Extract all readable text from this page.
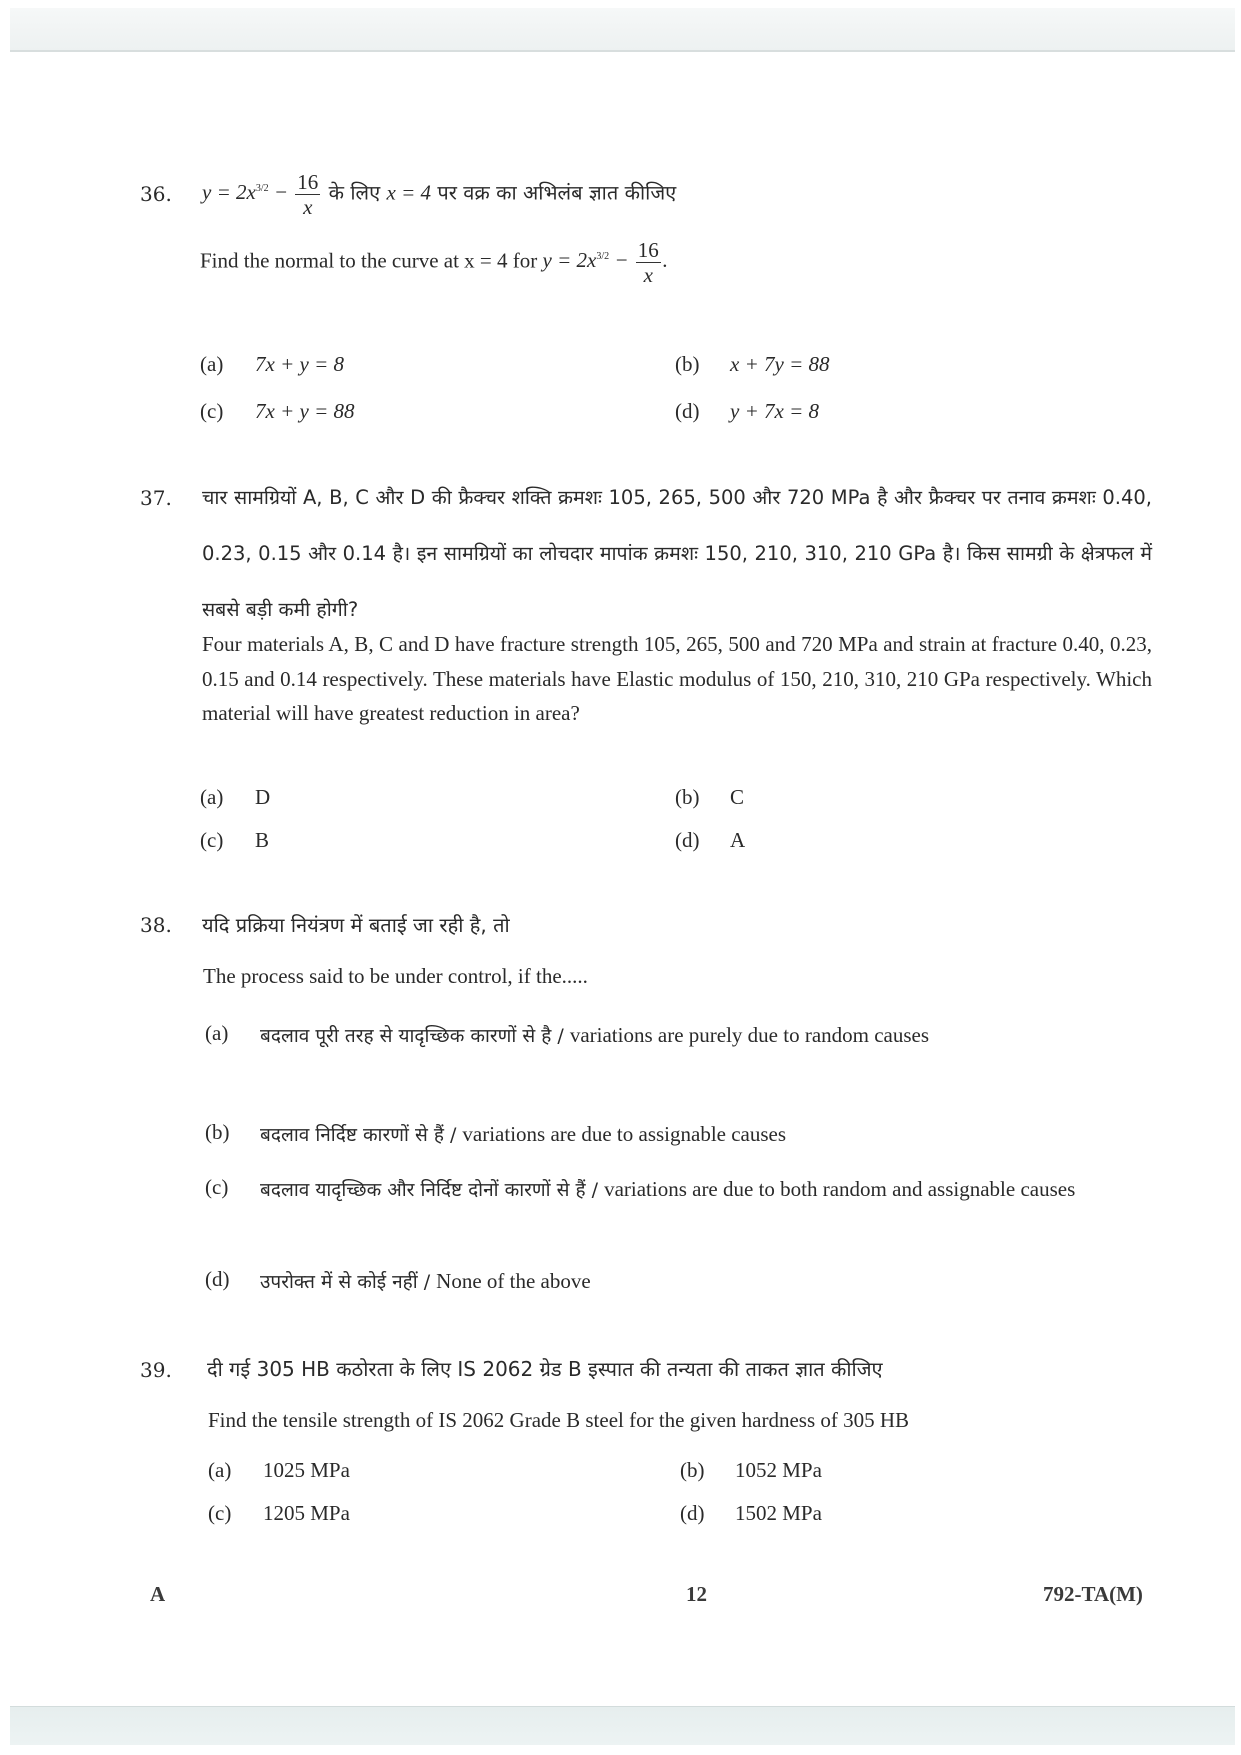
36. $y = 2x^{3/2} - \frac{16}{x}$ के लिए x = 4 पर वक्र का अभिलंब ज्ञात कीजिए
Find the normal to the curve at x = 4 for $y = 2x^{3/2} - \frac{16}{x}$ .
(a) 7x + y = 8	(b) x + 7y = 88
(c) 7x + y = 88	(d) y + 7x = 8
37. चार सामग्रियों A, B, C और D की फ्रैक्चर शक्ति क्रमशः 105, 265, 500 और 720 MPa है और फ्रैक्चर पर तनाव क्रमशः 0.40, 0.23, 0.15 और 0.14 है। इन सामग्रियों का लोचदार मापांक क्रमशः 150, 210, 310, 210 GPa है। किस सामग्री के क्षेत्रफल में सबसे बड़ी कमी होगी?
Four materials A, B, C and D have fracture strength 105, 265, 500 and 720 MPa and strain at fracture 0.40, 0.23, 0.15 and 0.14 respectively. These materials have Elastic modulus of 150, 210, 310, 210 GPa respectively. Which material will have greatest reduction in area?
(a) D	(b) C
(c) B	(d) A
38. यदि प्रक्रिया नियंत्रण में बताई जा रही है, तो
The process said to be under control, if the.....
(a) बदलाव पूरी तरह से यादृच्छिक कारणों से है / variations are purely due to random causes
(b) बदलाव निर्दिष्ट कारणों से हैं / variations are due to assignable causes
(c) बदलाव यादृच्छिक और निर्दिष्ट दोनों कारणों से हैं / variations are due to both random and assignable causes
(d) उपरोक्त में से कोई नहीं / None of the above
39. दी गई 305 HB कठोरता के लिए IS 2062 ग्रेड B इस्पात की तन्यता की ताकत ज्ञात कीजिए
Find the tensile strength of IS 2062 Grade B steel for the given hardness of 305 HB
(a) 1025 MPa	(b) 1052 MPa
(c) 1205 MPa	(d) 1502 MPa
A	12	792-TA(M)
